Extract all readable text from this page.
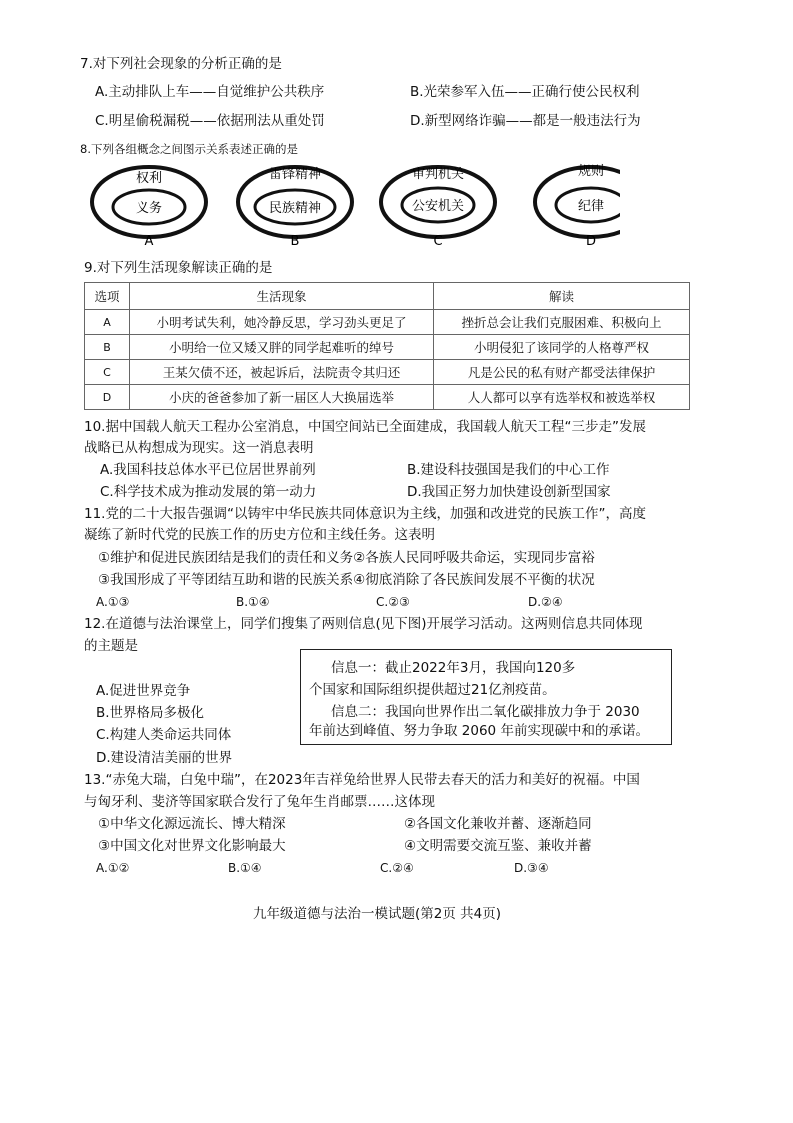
7.对下列社会现象的分析正确的是
A.主动排队上车——自觉维护公共秩序	B.光荣参军入伍——正确行使公民权利
C.明星偷税漏税——依据刑法从重处罚	D.新型网络诈骗——都是一般违法行为
8.下列各组概念之间图示关系表述正确的是
权利
义务
A
雷锋精神
民族精神
B
审判机关
公安机关
C
规则
纪律
D
9.对下列生活现象解读正确的是
选项	生活现象	解读
A	小明考试失利，她冷静反思，学习劲头更足了	挫折总会让我们克服困难、积极向上
B	小明给一位又矮又胖的同学起难听的绰号	小明侵犯了该同学的人格尊严权
C	王某欠债不还，被起诉后，法院责令其归还	凡是公民的私有财产都受法律保护
D	小庆的爸爸参加了新一届区人大换届选举	人人都可以享有选举权和被选举权
10.据中国载人航天工程办公室消息，中国空间站已全面建成，我国载人航天工程“三步走”发展
战略已从构想成为现实。这一消息表明
A.我国科技总体水平已位居世界前列	B.建设科技强国是我们的中心工作
C.科学技术成为推动发展的第一动力	D.我国正努力加快建设创新型国家
11.党的二十大报告强调“以铸牢中华民族共同体意识为主线，加强和改进党的民族工作”，高度
凝练了新时代党的民族工作的历史方位和主线任务。这表明
①维护和促进民族团结是我们的责任和义务②各族人民同呼吸共命运，实现同步富裕
③我国形成了平等团结互助和谐的民族关系④彻底消除了各民族间发展不平衡的状况
A.①③	B.①④	C.②③	D.②④
12.在道德与法治课堂上，同学们搜集了两则信息(见下图)开展学习活动。这两则信息共同体现
的主题是
A.促进世界竞争
B.世界格局多极化
C.构建人类命运共同体
D.建设清洁美丽的世界
信息一：截止2022年3月，我国向120多
个国家和国际组织提供超过21亿剂疫苗。
信息二：我国向世界作出二氧化碳排放力争于 2030
年前达到峰值、努力争取 2060 年前实现碳中和的承诺。
13.“赤兔大瑞，白兔中瑞”，在2023年吉祥兔给世界人民带去春天的活力和美好的祝福。中国
与匈牙利、斐济等国家联合发行了兔年生肖邮票……这体现
①中华文化源远流长、博大精深	②各国文化兼收并蓄、逐渐趋同
③中国文化对世界文化影响最大	④文明需要交流互鉴、兼收并蓄
A.①②	B.①④	C.②④	D.③④
九年级道德与法治一模试题(第2页 共4页)
